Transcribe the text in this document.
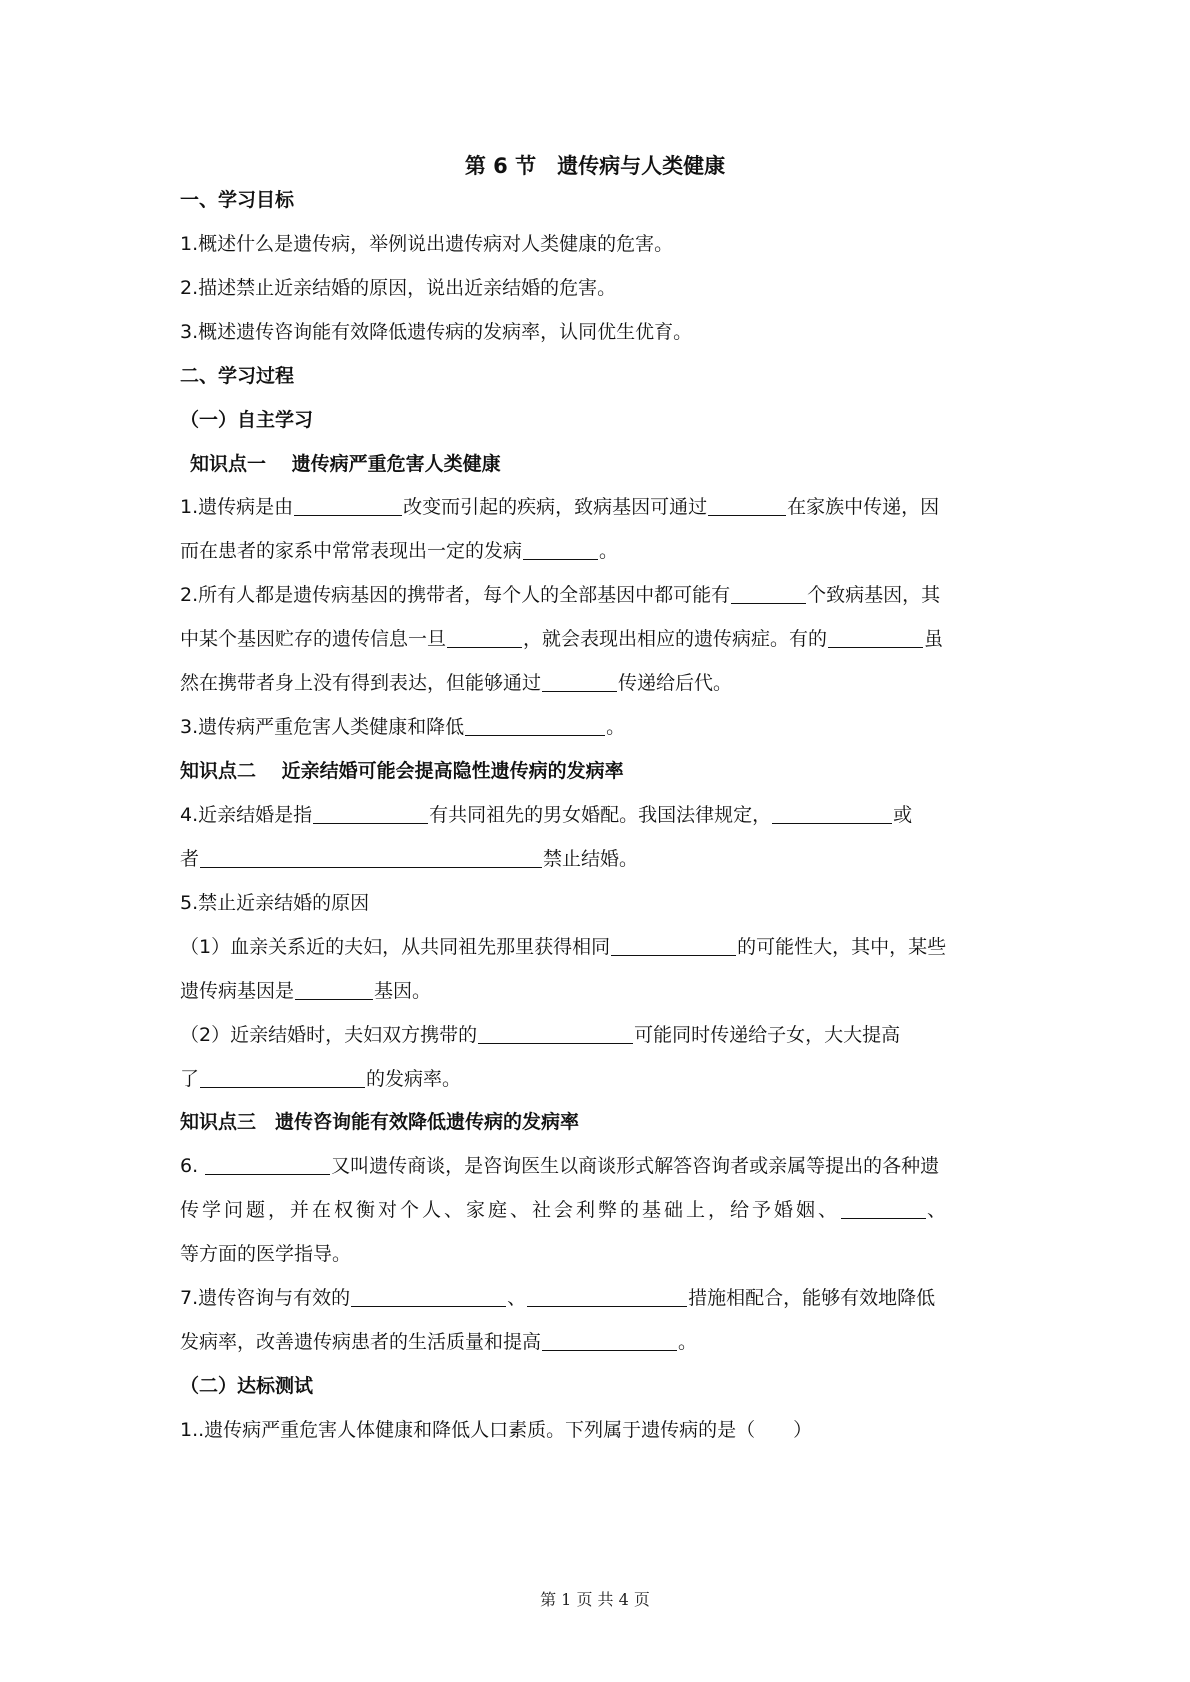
第 6 节　遗传病与人类健康
一、学习目标
1.概述什么是遗传病，举例说出遗传病对人类健康的危害。
2.描述禁止近亲结婚的原因，说出近亲结婚的危害。
3.概述遗传咨询能有效降低遗传病的发病率，认同优生优育。
二、学习过程
（一）自主学习
知识点一　 遗传病严重危害人类健康
1.遗传病是由	改变而引起的疾病，致病基因可通过	在家族中传递，因
而在患者的家系中常常表现出一定的发病	。
2.所有人都是遗传病基因的携带者，每个人的全部基因中都可能有	个致病基因，其
中某个基因贮存的遗传信息一旦	，就会表现出相应的遗传病症。有的	虽
然在携带者身上没有得到表达，但能够通过	传递给后代。
3.遗传病严重危害人类健康和降低	。
知识点二　 近亲结婚可能会提高隐性遗传病的发病率
4.近亲结婚是指	有共同祖先的男女婚配。我国法律规定，	或
者	禁止结婚。
5.禁止近亲结婚的原因
（1）血亲关系近的夫妇，从共同祖先那里获得相同	的可能性大，其中，某些
遗传病基因是	基因。
（2）近亲结婚时，夫妇双方携带的	可能同时传递给子女，大大提高
了	的发病率。
知识点三　遗传咨询能有效降低遗传病的发病率
6.	又叫遗传商谈，是咨询医生以商谈形式解答咨询者或亲属等提出的各种遗
传学问题，并在权衡对个人、家庭、社会利弊的基础上，给予婚姻、	、
等方面的医学指导。
7.遗传咨询与有效的	、	措施相配合，能够有效地降低
发病率，改善遗传病患者的生活质量和提高	。
（二）达标测试
1..遗传病严重危害人体健康和降低人口素质。下列属于遗传病的是（　　）
第 1 页 共 4 页
